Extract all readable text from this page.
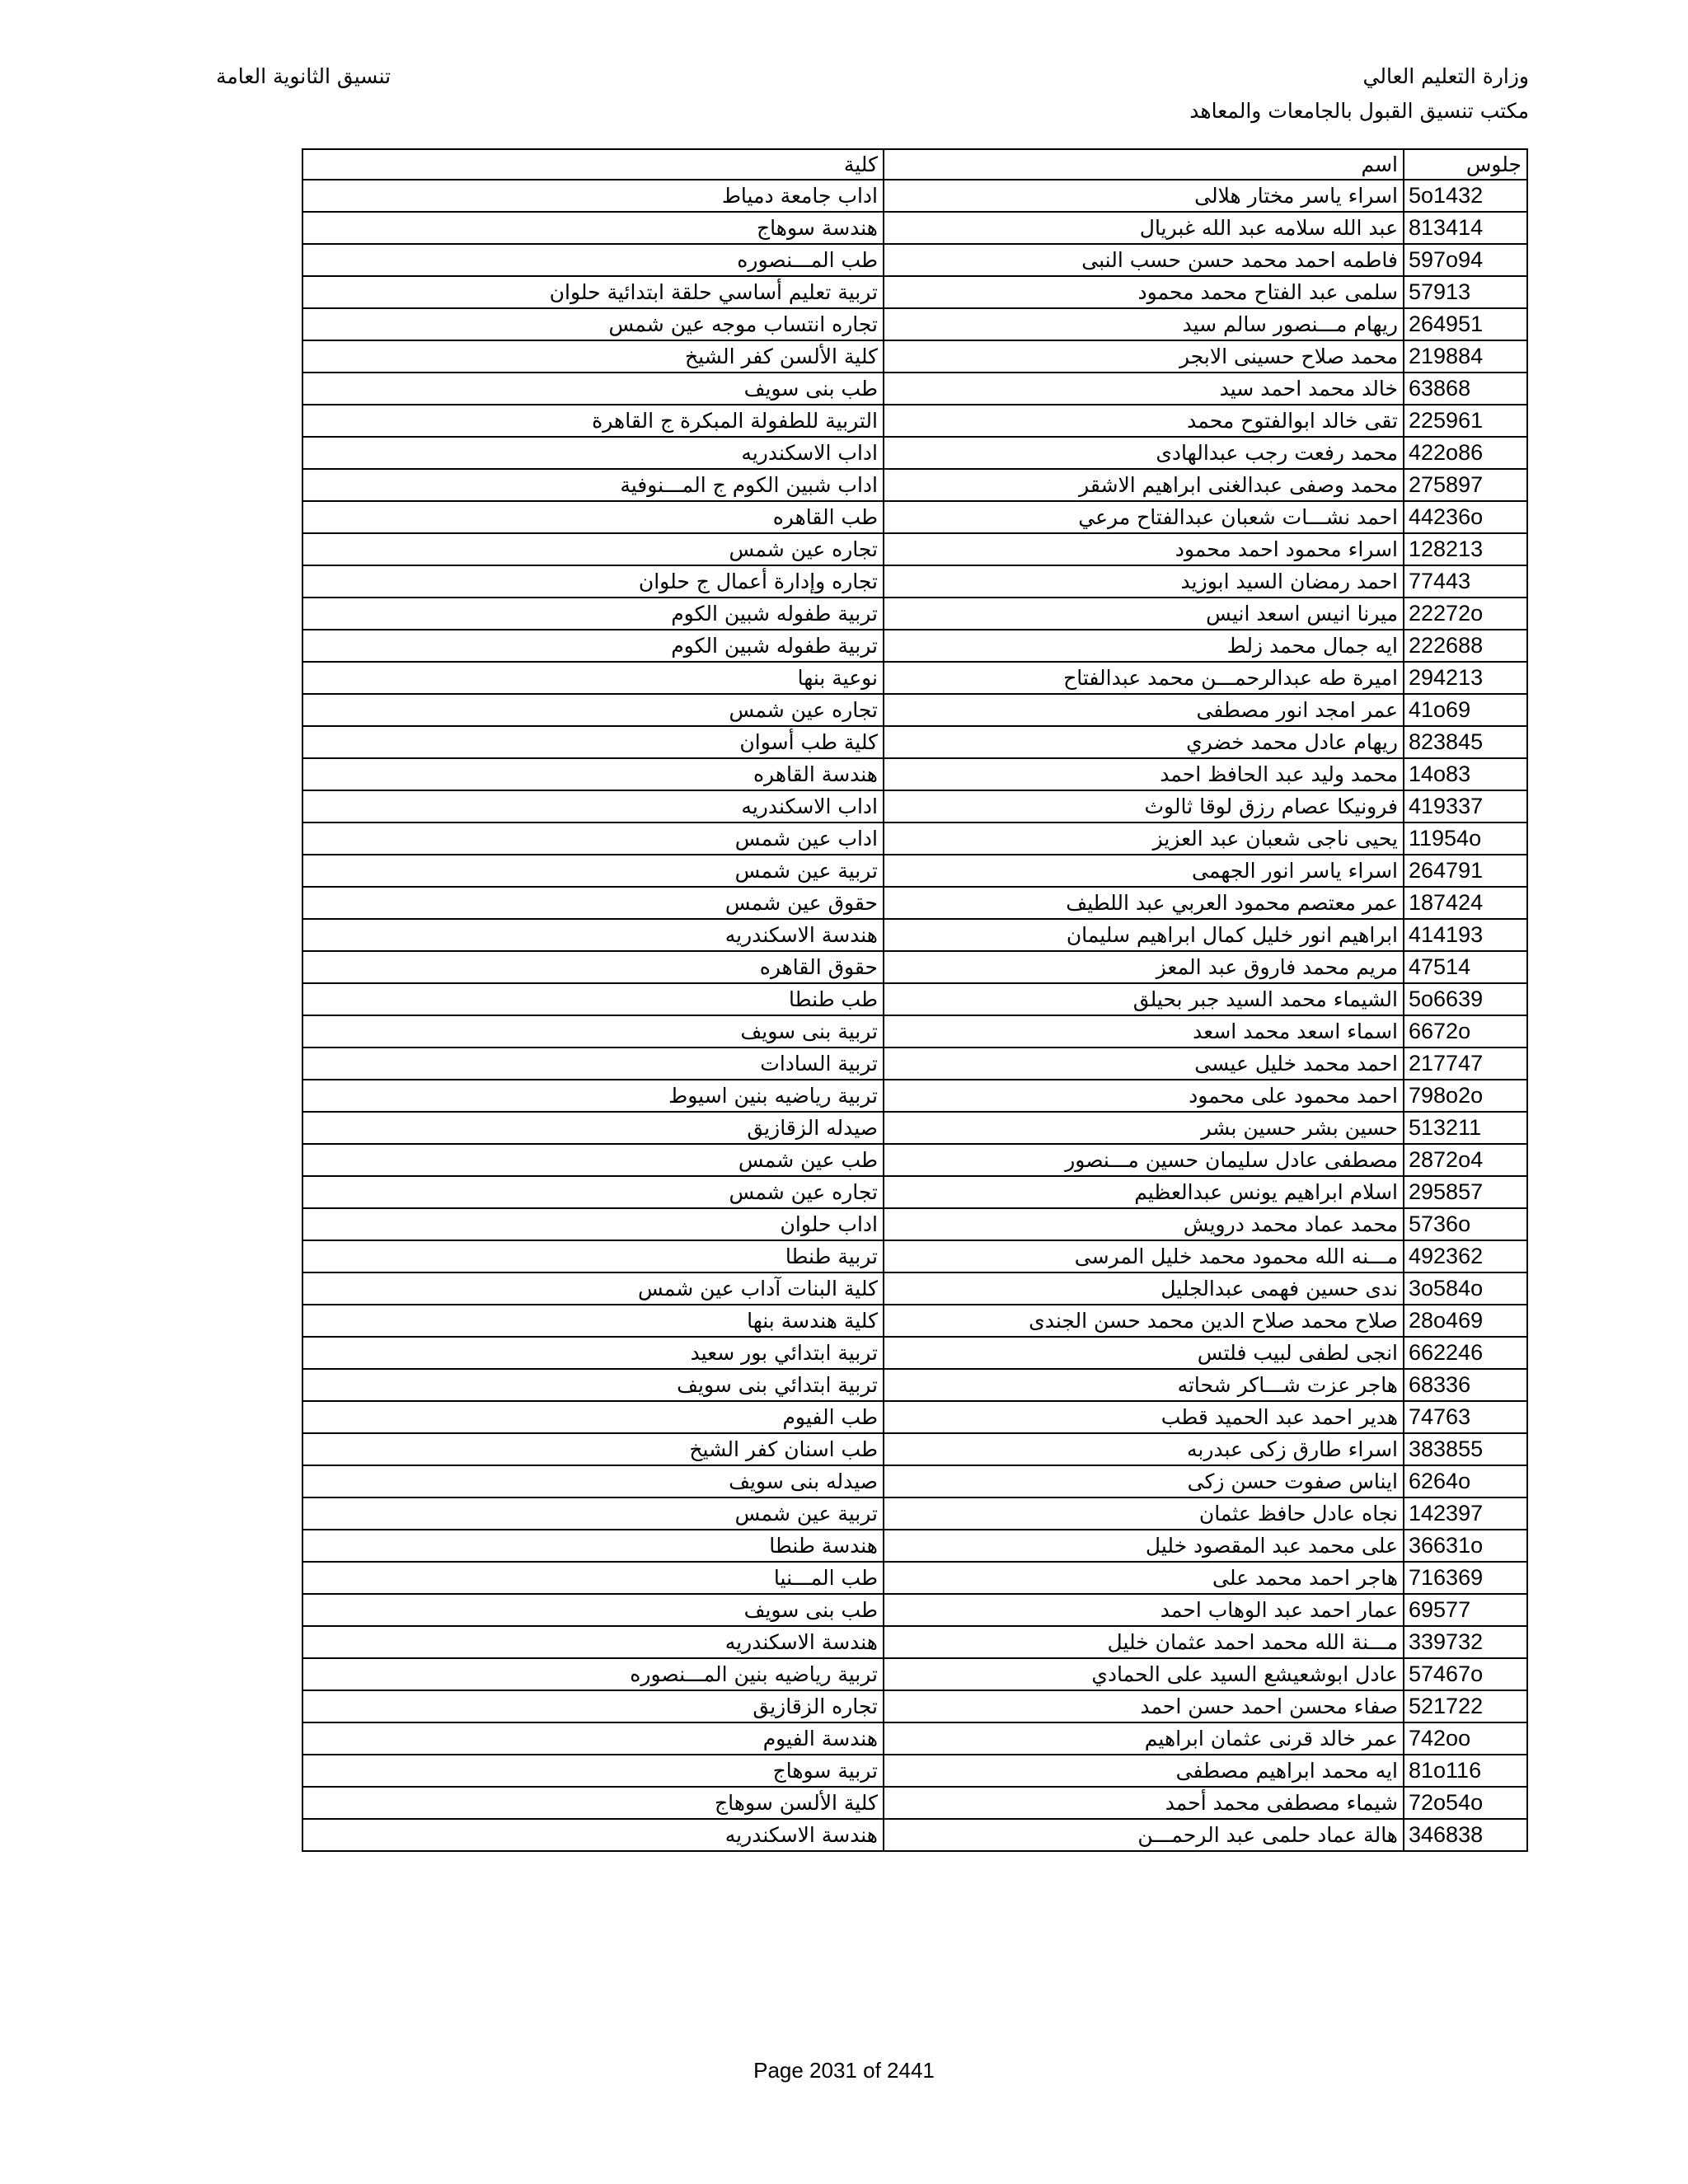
وزارة التعليم العالي
مكتب تنسيق القبول بالجامعات والمعاهد
تنسيق الثانوية العامة
كلية	اسم	جلوس
اداب جامعة دمياط	اسراء ياسر مختار هلالى	5o1432
هندسة سوهاج	عبد الله سلامه عبد الله غبريال	813414
طب المـــنصوره	فاطمه احمد محمد حسن حسب النبى	597o94
تربية تعليم أساسي حلقة ابتدائية حلوان	سلمى عبد الفتاح محمد محمود	57913
تجاره انتساب موجه عين شمس	ريهام مـــنصور سالم سيد	264951
كلية الألسن كفر الشيخ	محمد صلاح حسينى الابجر	219884
طب بنى سويف	خالد محمد احمد سيد	63868
التربية للطفولة المبكرة ج القاهرة	تقى خالد ابوالفتوح محمد	225961
اداب الاسكندريه	محمد رفعت رجب عبدالهادى	422o86
اداب شبين الكوم ج المـــنوفية	محمد وصفى عبدالغنى ابراهيم الاشقر	275897
طب القاهره	احمد نشـــات شعبان عبدالفتاح مرعي	44236o
تجاره عين شمس	اسراء محمود احمد محمود	128213
تجاره وإدارة أعمال ج حلوان	احمد رمضان السيد ابوزيد	77443
تربية طفوله شبين الكوم	ميرنا انيس اسعد انيس	22272o
تربية طفوله شبين الكوم	ايه جمال محمد زلط	222688
نوعية بنها	اميرة طه عبدالرحمـــن محمد عبدالفتاح	294213
تجاره عين شمس	عمر امجد انور مصطفى	41o69
كلية طب أسوان	ريهام عادل محمد خضري	823845
هندسة القاهره	محمد وليد عبد الحافظ احمد	14o83
اداب الاسكندريه	فرونيكا عصام رزق لوقا ثالوث	419337
اداب عين شمس	يحيى ناجى شعبان عبد العزيز	11954o
تربية عين شمس	اسراء ياسر انور الجهمى	264791
حقوق عين شمس	عمر معتصم محمود العربي عبد اللطيف	187424
هندسة الاسكندريه	ابراهيم انور خليل كمال ابراهيم سليمان	414193
حقوق القاهره	مريم محمد فاروق عبد المعز	47514
طب طنطا	الشيماء محمد السيد جبر بحيلق	5o6639
تربية بنى سويف	اسماء اسعد محمد اسعد	6672o
تربية السادات	احمد محمد خليل عيسى	217747
تربية رياضيه بنين اسيوط	احمد محمود على محمود	798o2o
صيدله الزقازيق	حسين بشر حسين بشر	513211
طب عين شمس	مصطفى عادل سليمان حسين مـــنصور	2872o4
تجاره عين شمس	اسلام ابراهيم يونس عبدالعظيم	295857
اداب حلوان	محمد عماد محمد درويش	5736o
تربية طنطا	مـــنه الله محمود محمد خليل المرسى	492362
كلية البنات آداب عين شمس	ندى حسين فهمى عبدالجليل	3o584o
كلية هندسة بنها	صلاح محمد صلاح الدين محمد حسن الجندى	28o469
تربية ابتدائي بور سعيد	انجى لطفى لبيب فلتس	662246
تربية ابتدائي بنى سويف	هاجر عزت شـــاكر شحاته	68336
طب الفيوم	هدير احمد عبد الحميد قطب	74763
طب اسنان كفر الشيخ	اسراء طارق زكى عبدربه	383855
صيدله بنى سويف	ايناس صفوت حسن زكى	6264o
تربية عين شمس	نجاه عادل حافظ عثمان	142397
هندسة طنطا	على محمد عبد المقصود خليل	36631o
طب المـــنيا	هاجر احمد محمد على	716369
طب بنى سويف	عمار احمد عبد الوهاب احمد	69577
هندسة الاسكندريه	مـــنة الله محمد احمد عثمان خليل	339732
تربية رياضيه بنين المـــنصوره	عادل ابوشعيشع السيد على الحمادي	57467o
تجاره الزقازيق	صفاء محسن احمد حسن احمد	521722
هندسة الفيوم	عمر خالد قرنى عثمان ابراهيم	742oo
تربية سوهاج	ايه محمد ابراهيم مصطفى	81o116
كلية الألسن سوهاج	شيماء مصطفى محمد أحمد	72o54o
هندسة الاسكندريه	هالة عماد حلمى عبد الرحمـــن	346838
Page 2031 of 2441
